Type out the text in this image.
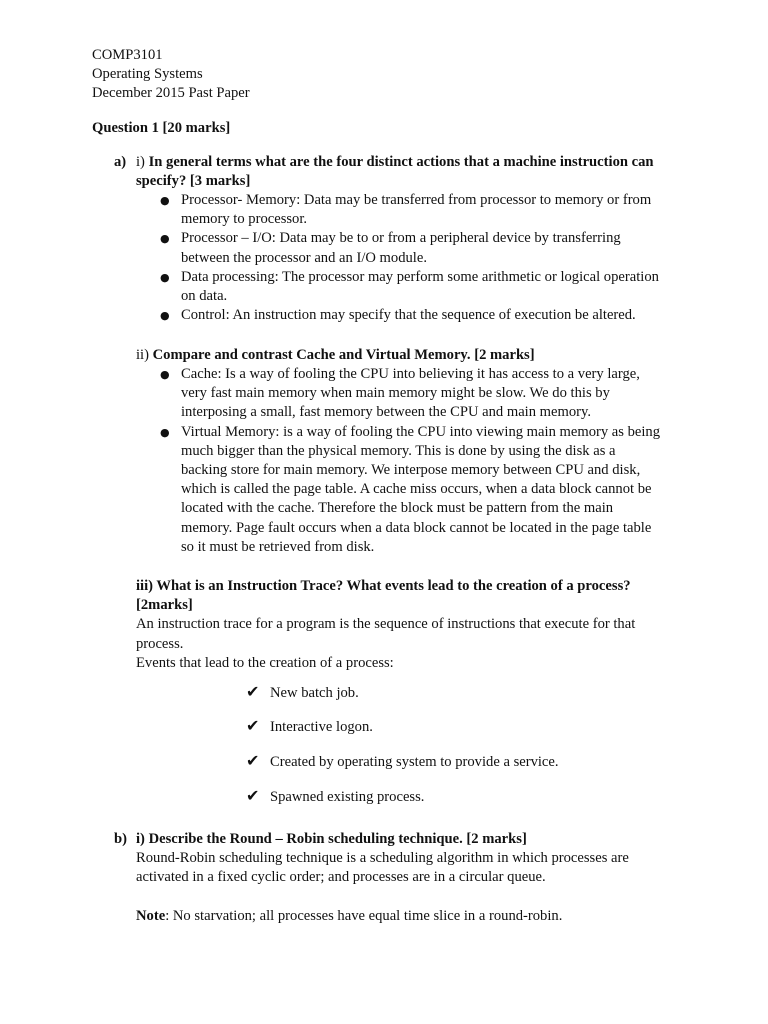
COMP3101
Operating Systems
December 2015 Past Paper
Question 1 [20 marks]
a) i) In general terms what are the four distinct actions that a machine instruction can
specify? [3 marks]
● Processor- Memory: Data may be transferred from processor to memory or from
memory to processor.
● Processor – I/O: Data may be to or from a peripheral device by transferring
between the processor and an I/O module.
● Data processing: The processor may perform some arithmetic or logical operation
on data.
● Control: An instruction may specify that the sequence of execution be altered.
ii) Compare and contrast Cache and Virtual Memory. [2 marks]
● Cache: Is a way of fooling the CPU into believing it has access to a very large,
very fast main memory when main memory might be slow. We do this by
interposing a small, fast memory between the CPU and main memory.
● Virtual Memory: is a way of fooling the CPU into viewing main memory as being
much bigger than the physical memory. This is done by using the disk as a
backing store for main memory. We interpose memory between CPU and disk,
which is called the page table. A cache miss occurs, when a data block cannot be
located with the cache. Therefore the block must be pattern from the main
memory. Page fault occurs when a data block cannot be located in the page table
so it must be retrieved from disk.
iii) What is an Instruction Trace? What events lead to the creation of a process?
[2marks]
An instruction trace for a program is the sequence of instructions that execute for that
process.
Events that lead to the creation of a process:
✔ New batch job.
✔ Interactive logon.
✔ Created by operating system to provide a service.
✔ Spawned existing process.
b) i) Describe the Round – Robin scheduling technique. [2 marks]
Round-Robin scheduling technique is a scheduling algorithm in which processes are
activated in a fixed cyclic order; and processes are in a circular queue.
Note: No starvation; all processes have equal time slice in a round-robin.
